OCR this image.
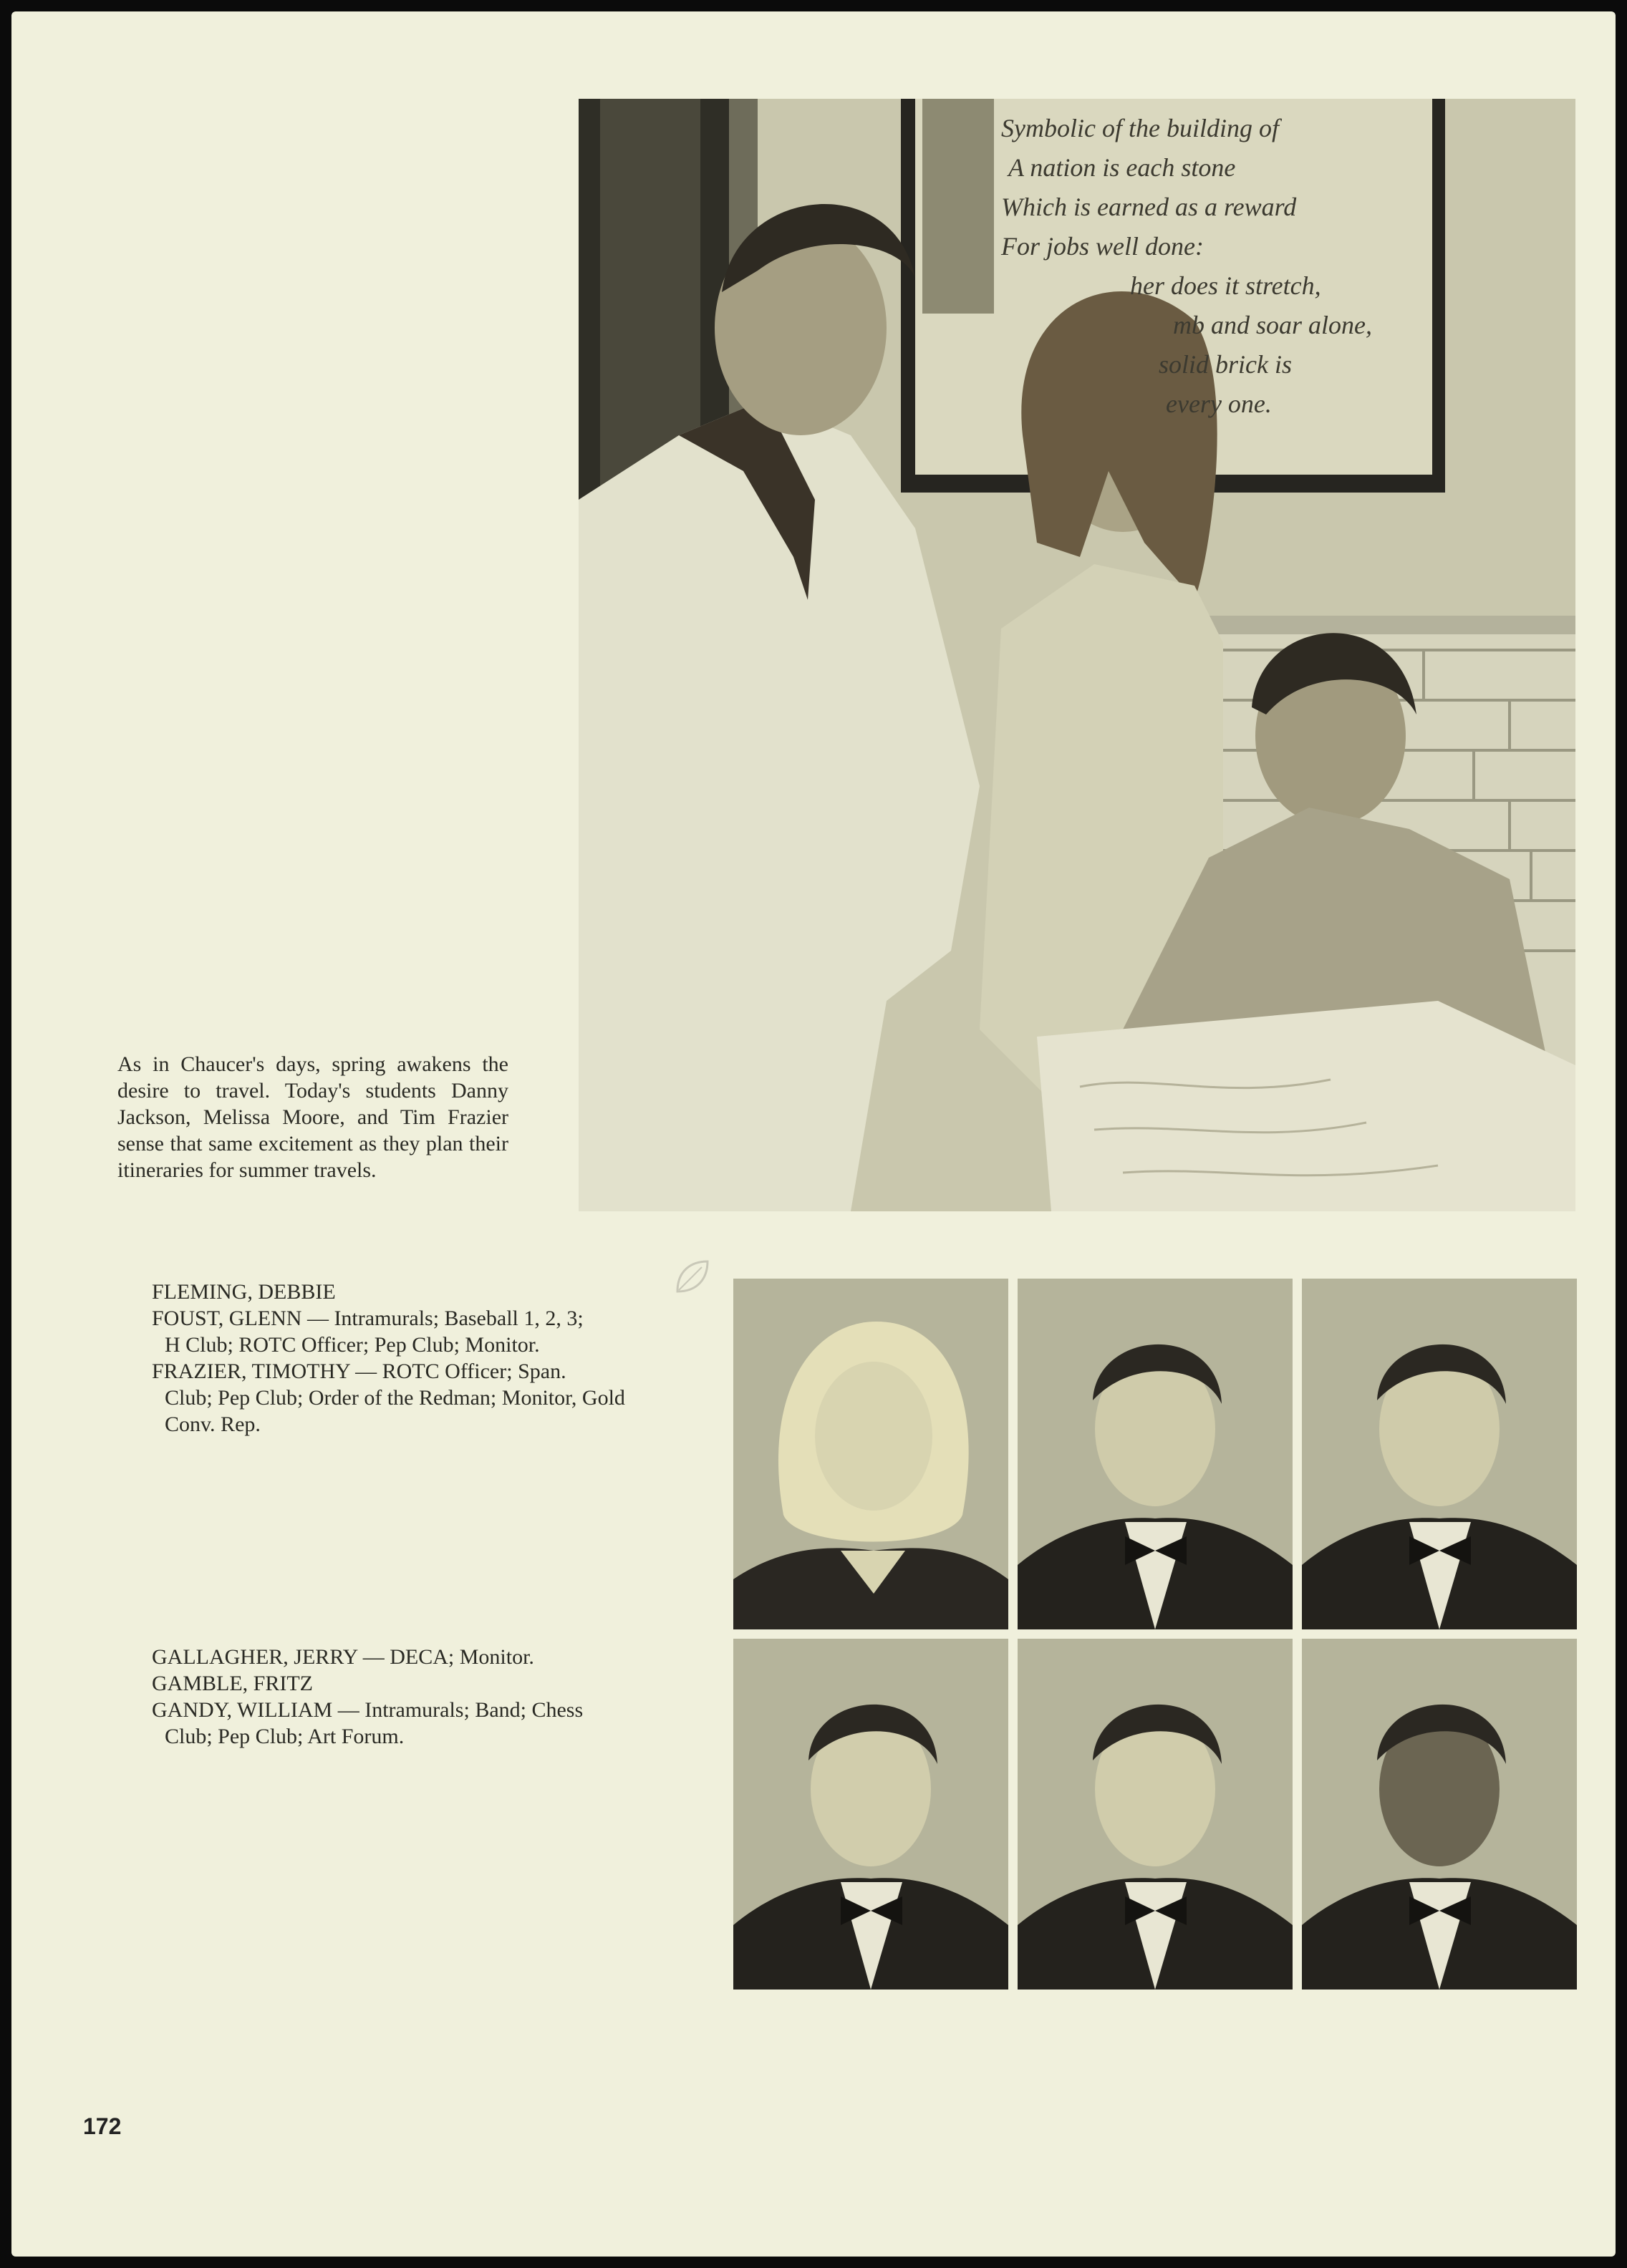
Symbolic of the building of
A nation is each stone
Which is earned as a reward
For jobs well done:
her does it stretch,
mb and soar alone,
solid brick is
every one.
As in Chaucer's days, spring awakens the desire to travel. Today's students Danny Jackson, Melissa Moore, and Tim Frazier sense that same excitement as they plan their itineraries for summer travels.

FLEMING, DEBBIE

FOUST, GLENN — Intramurals; Baseball 1, 2, 3;
H Club; ROTC Officer; Pep Club; Monitor.

FRAZIER, TIMOTHY — ROTC Officer; Span.
Club; Pep Club; Order of the Redman; Monitor, Gold Conv. Rep.

GALLAGHER, JERRY — DECA; Monitor.

GAMBLE, FRITZ

GANDY, WILLIAM — Intramurals; Band; Chess
Club; Pep Club; Art Forum.

172
